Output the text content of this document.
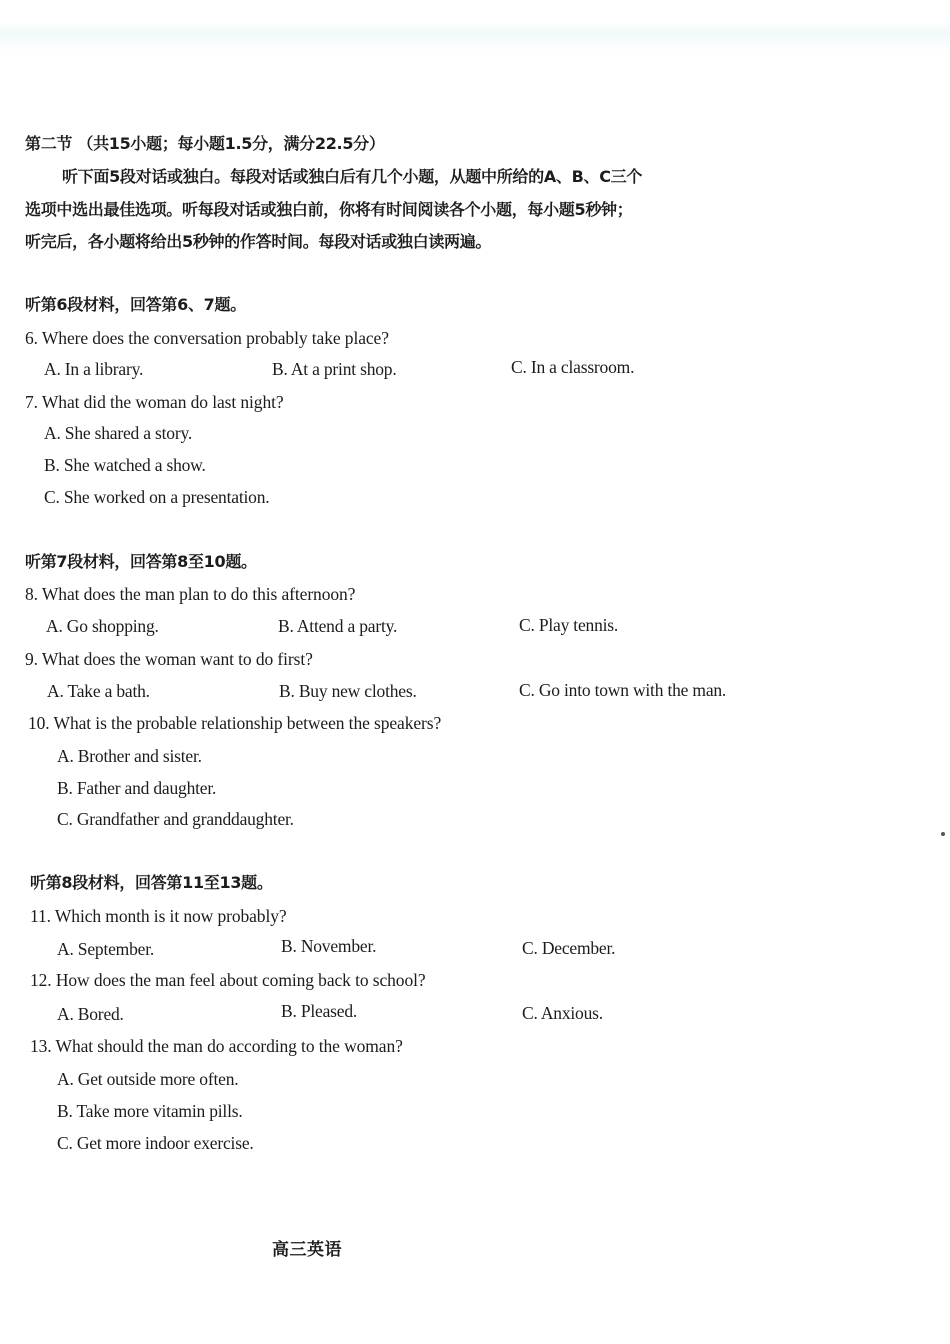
第二节 （共15小题；每小题1.5分，满分22.5分）
听下面5段对话或独白。每段对话或独白后有几个小题，从题中所给的A、B、C三个
选项中选出最佳选项。听每段对话或独白前，你将有时间阅读各个小题，每小题5秒钟；
听完后，各小题将给出5秒钟的作答时间。每段对话或独白读两遍。
听第6段材料，回答第6、7题。
6. Where does the conversation probably take place?
A. In a library.	B. At a print shop.	C. In a classroom.
7. What did the woman do last night?
A. She shared a story.
B. She watched a show.
C. She worked on a presentation.
听第7段材料，回答第8至10题。
8. What does the man plan to do this afternoon?
A. Go shopping.	B. Attend a party.	C. Play tennis.
9. What does the woman want to do first?
A. Take a bath.	B. Buy new clothes.	C. Go into town with the man.
10. What is the probable relationship between the speakers?
A. Brother and sister.
B. Father and daughter.
C. Grandfather and granddaughter.
听第8段材料，回答第11至13题。
11. Which month is it now probably?
A. September.	B. November.	C. December.
12. How does the man feel about coming back to school?
A. Bored.	B. Pleased.	C. Anxious.
13. What should the man do according to the woman?
A. Get outside more often.
B. Take more vitamin pills.
C. Get more indoor exercise.
高三英语
